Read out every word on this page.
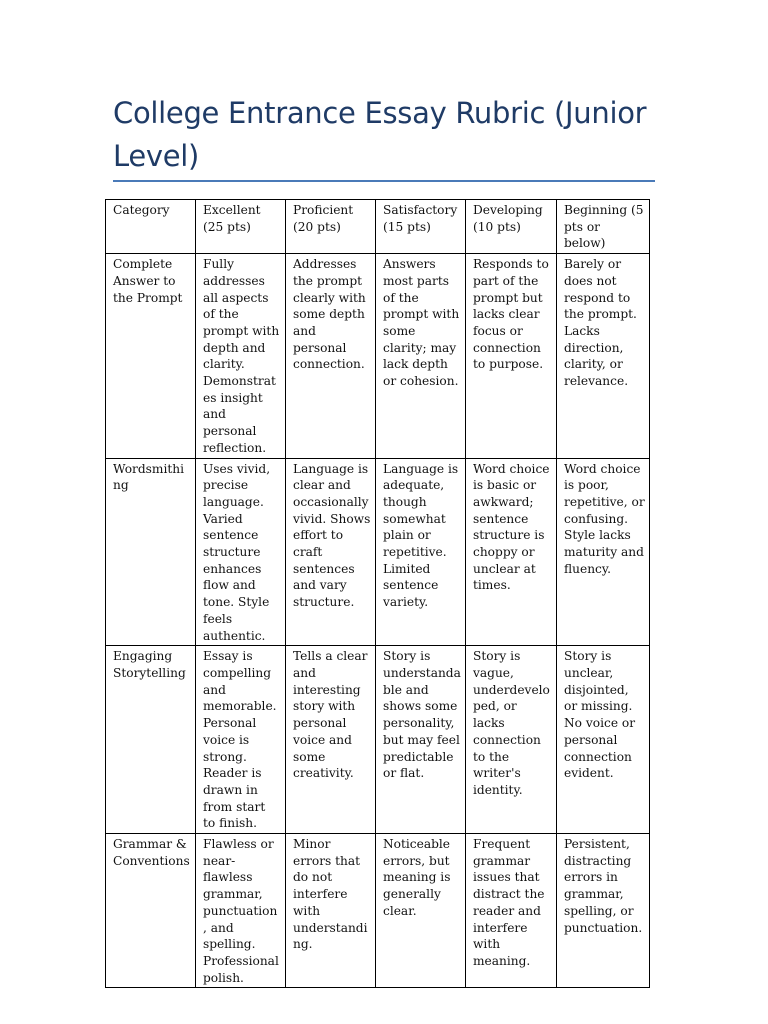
College Entrance Essay Rubric (Junior Level)
Category	Excellent (25 pts)	Proficient (20 pts)	Satisfactory (15 pts)	Developing (10 pts)	Beginning (5 pts or below)
Complete Answer to the Prompt	Fully addresses all aspects of the prompt with depth and clarity. Demonstrat es insight and personal reflection.	Addresses the prompt clearly with some depth and personal connection.	Answers most parts of the prompt with some clarity; may lack depth or cohesion.	Responds to part of the prompt but lacks clear focus or connection to purpose.	Barely or does not respond to the prompt. Lacks direction, clarity, or relevance.
Wordsmithi ng	Uses vivid, precise language. Varied sentence structure enhances flow and tone. Style feels authentic.	Language is clear and occasionally vivid. Shows effort to craft sentences and vary structure.	Language is adequate, though somewhat plain or repetitive. Limited sentence variety.	Word choice is basic or awkward; sentence structure is choppy or unclear at times.	Word choice is poor, repetitive, or confusing. Style lacks maturity and fluency.
Engaging Storytelling	Essay is compelling and memorable. Personal voice is strong. Reader is drawn in from start to finish.	Tells a clear and interesting story with personal voice and some creativity.	Story is understanda ble and shows some personality, but may feel predictable or flat.	Story is vague, underdevelo ped, or lacks connection to the writer's identity.	Story is unclear, disjointed, or missing. No voice or personal connection evident.
Grammar & Conventions	Flawless or near-flawless grammar, punctuation, and spelling. Professional polish.	Minor errors that do not interfere with understandi ng.	Noticeable errors, but meaning is generally clear.	Frequent grammar issues that distract the reader and interfere with meaning.	Persistent, distracting errors in grammar, spelling, or punctuation.
